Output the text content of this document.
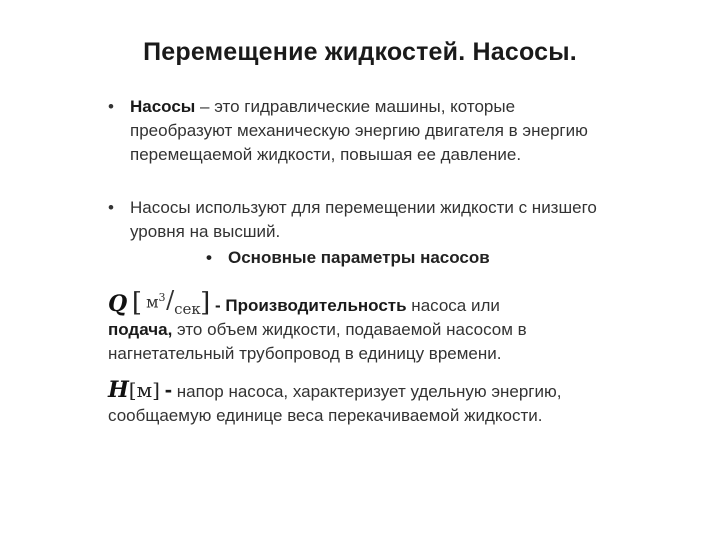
Перемещение жидкостей. Насосы.
• Насосы – это гидравлические машины, которые преобразуют механическую энергию двигателя в энергию перемещаемой жидкости, повышая ее давление.
• Насосы используют для перемещении жидкости с низшего уровня на высший.
• Основные параметры насосов
Q [ $м^3$ / сек ] - Производительность насоса или
подача, это объем жидкости, подаваемой насосом в нагнетательный трубопровод в единицу времени.
H[м] - напор насоса, характеризует удельную энергию, сообщаемую единице веса перекачиваемой жидкости.
